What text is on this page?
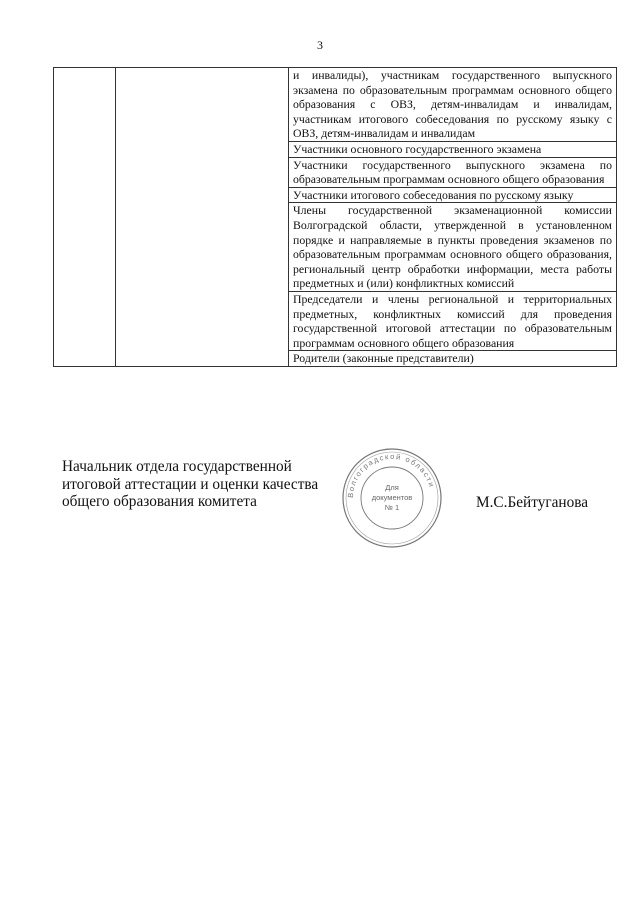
3
		и инвалиды), участникам государственного выпускного экзамена по образовательным программам основного общего образования с ОВЗ, детям-инвалидам и инвалидам, участникам итогового собеседования по русскому языку с ОВЗ, детям-инвалидам и инвалидам
Участники основного государственного экзамена
Участники государственного выпускного экзамена по образовательным программам основного общего образования
Участники итогового собеседования по русскому языку
Члены государственной экзаменационной комиссии Волгоградской области, утвержденной в установленном порядке и направляемые в пункты проведения экзаменов по образовательным программам основного общего образования, региональный центр обработки информации, места работы предметных и (или) конфликтных комиссий
Председатели и члены региональной и территориальных предметных, конфликтных комиссий для проведения государственной итоговой аттестации по образовательным программам основного общего образования
Родители (законные представители)
Начальник отдела государственной
итоговой аттестации и оценки качества
общего образования комитета	Волгоградской области
Для
документов
№ 1	М.С.Бейтуганова
